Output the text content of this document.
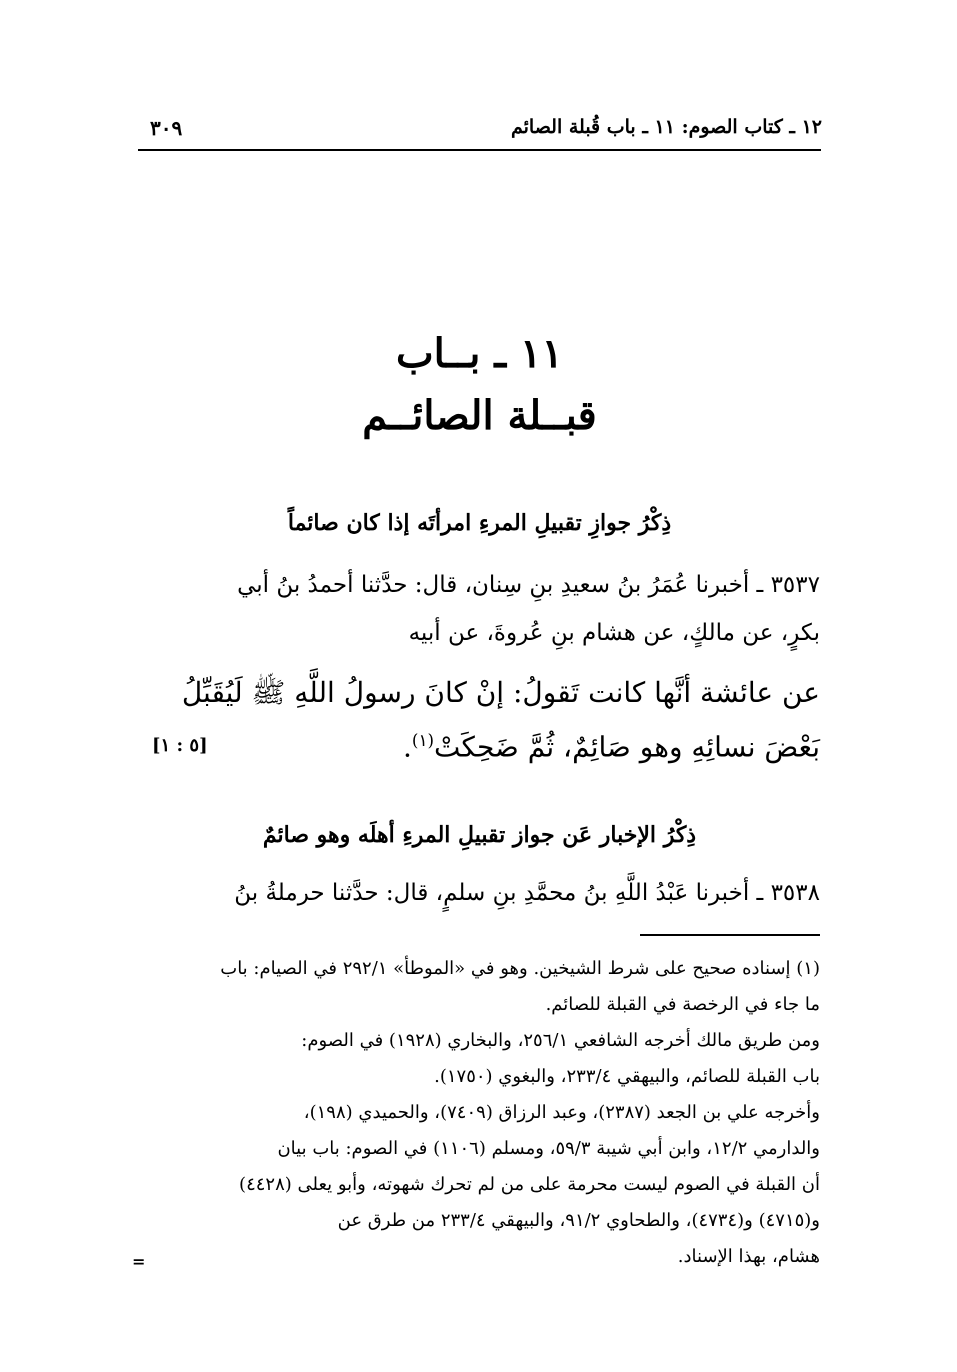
١٢ ـ كتاب الصوم: ١١ ـ باب قُبلة الصائم
٣٠٩
١١ ـ بــاب
قبــلة الصائــم
ذِكْرُ جوازِ تقبيلِ المرءِ امرأتَه إذا كان صائماً
٣٥٣٧ ـ أخبرنا عُمَرُ بنُ سعيدِ بنِ سِنان، قال: حدَّثنا أحمدُ بنُ أبي
بكرٍ، عن مالكٍ، عن هشام بنِ عُروةَ، عن أبيه
عن عائشة أنَّها كانت تَقولُ: إنْ كانَ رسولُ اللَّهِ ﷺ لَيُقَبِّلُ
بَعْضَ نسائِهِ وهو صَائِمٌ، ثُمَّ ضَحِكَتْ$^{(١)}$.
[٥ : ١]
ذِكْرُ الإخبار عَن جواز تقبيلِ المرءِ أهلَه وهو صائمٌ
٣٥٣٨ ـ أخبرنا عَبْدُ اللَّهِ بنُ محمَّدِ بنِ سلمٍ، قال: حدَّثنا حرملةُ بنُ
(١) إسناده صحيح على شرط الشيخين. وهو في «الموطأ» ٢٩٢/١ في الصيام: باب
ما جاء في الرخصة في القبلة للصائم.
ومن طريق مالك أخرجه الشافعي ٢٥٦/١، والبخاري (١٩٢٨) في الصوم:
باب القبلة للصائم، والبيهقي ٢٣٣/٤، والبغوي (١٧٥٠).
وأخرجه علي بن الجعد (٢٣٨٧)، وعبد الرزاق (٧٤٠٩)، والحميدي (١٩٨)،
والدارمي ١٢/٢، وابن أبي شيبة ٥٩/٣، ومسلم (١١٠٦) في الصوم: باب بيان
أن القبلة في الصوم ليست محرمة على من لم تحرك شهوته، وأبو يعلى (٤٤٢٨)
و(٤٧١٥) و(٤٧٣٤)، والطحاوي ٩١/٢، والبيهقي ٢٣٣/٤ من طرق عن
هشام، بهذا الإسناد.
=
